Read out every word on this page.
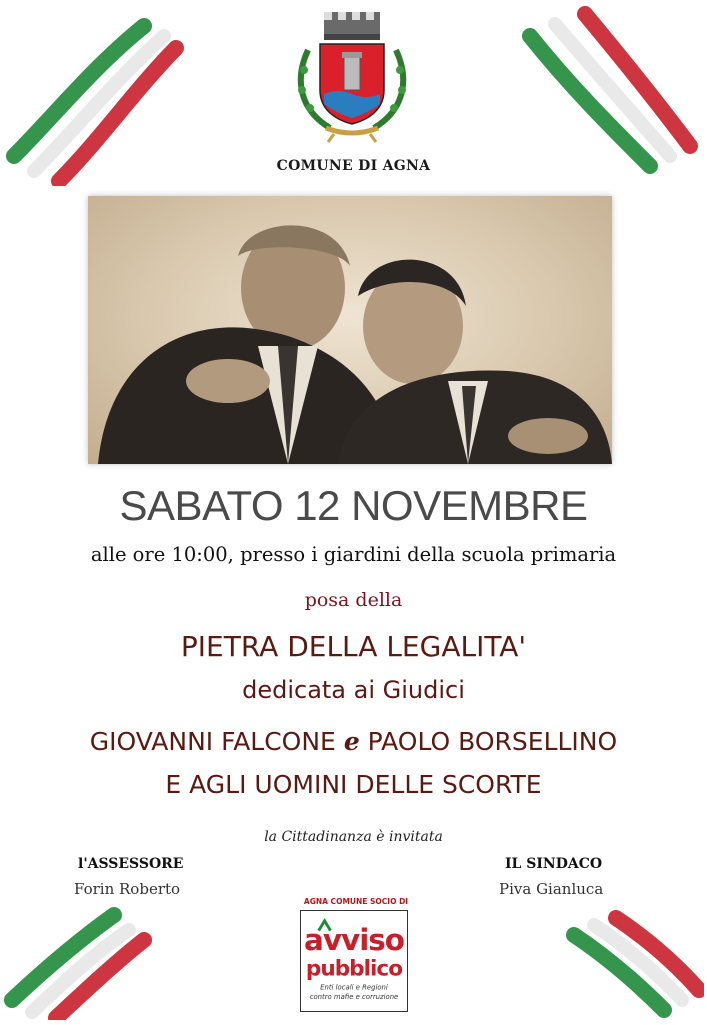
COMUNE DI AGNA
SABATO 12 NOVEMBRE
alle ore 10:00, presso i giardini della scuola primaria
posa della
PIETRA DELLA LEGALITA'
dedicata ai Giudici
GIOVANNI FALCONE e PAOLO BORSELLINO
E AGLI UOMINI DELLE SCORTE
la Cittadinanza è invitata
l'ASSESSORE
Forin Roberto
IL SINDACO
Piva Gianluca
AGNA COMUNE SOCIO DI
avviso
pubblico
Enti locali e Regioni
contro mafie e corruzione
